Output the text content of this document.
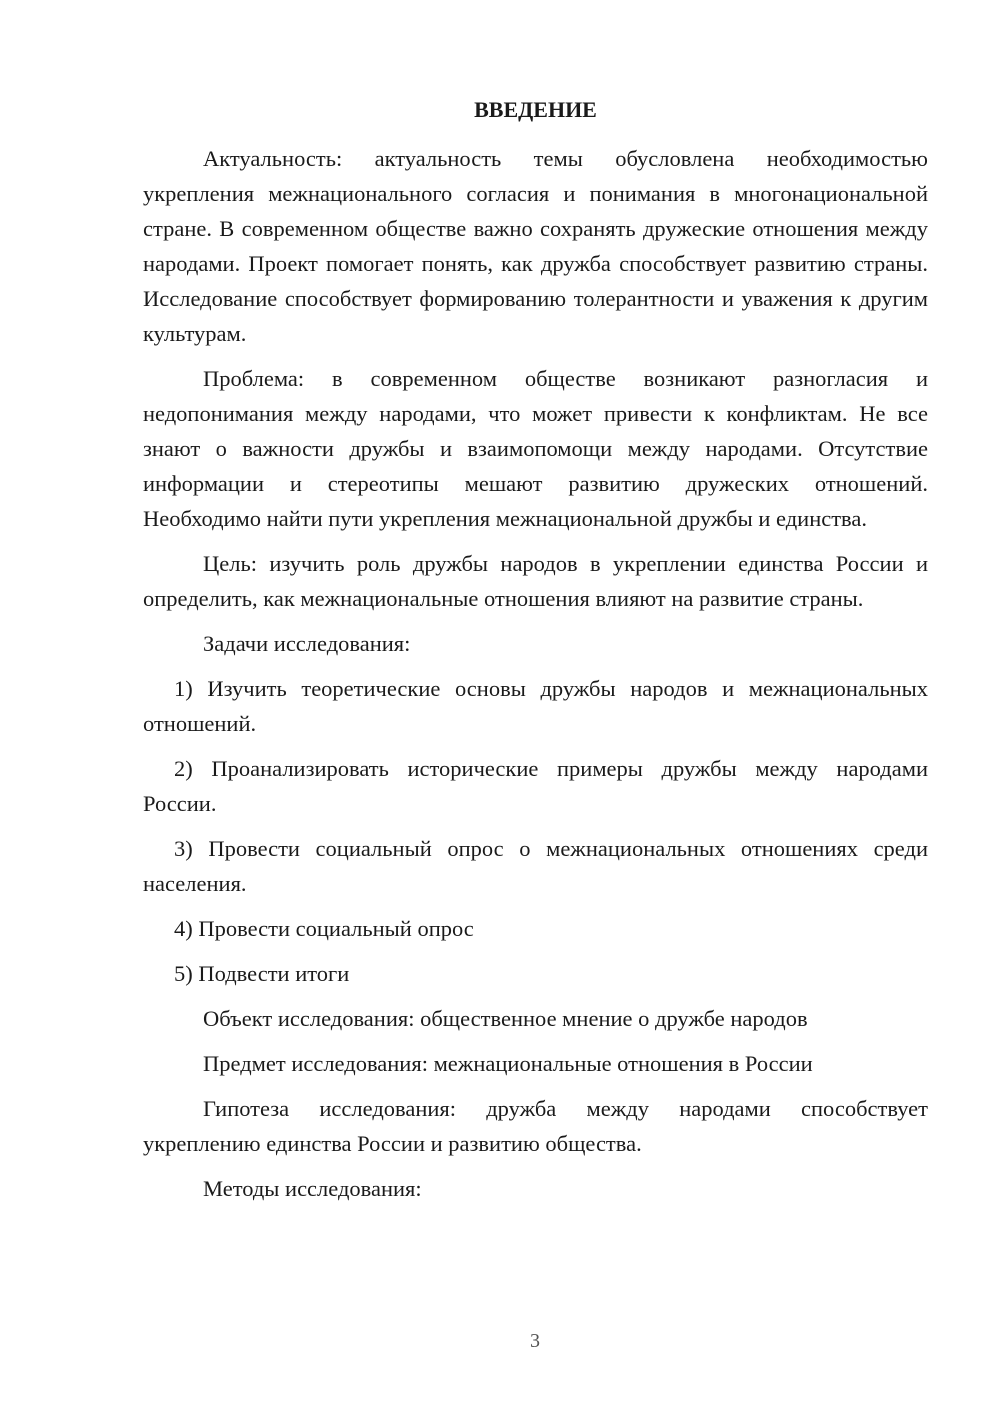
ВВЕДЕНИЕ

Актуальность: актуальность темы обусловлена необходимостью укрепления межнационального согласия и понимания в многонациональной стране. В современном обществе важно сохранять дружеские отношения между народами. Проект помогает понять, как дружба способствует развитию страны. Исследование способствует формированию толерантности и уважения к другим культурам.

Проблема: в современном обществе возникают разногласия и недопонимания между народами, что может привести к конфликтам. Не все знают о важности дружбы и взаимопомощи между народами. Отсутствие информации и стереотипы мешают развитию дружеских отношений. Необходимо найти пути укрепления межнациональной дружбы и единства.

Цель: изучить роль дружбы народов в укреплении единства России и определить, как межнациональные отношения влияют на развитие страны.

Задачи исследования:

1) Изучить теоретические основы дружбы народов и межнациональных отношений.

2) Проанализировать исторические примеры дружбы между народами России.

3) Провести социальный опрос о межнациональных отношениях среди населения.

4) Провести социальный опрос

5) Подвести итоги

Объект исследования: общественное мнение о дружбе народов

Предмет исследования: межнациональные отношения в России

Гипотеза исследования: дружба между народами способствует укреплению единства России и развитию общества.

Методы исследования:

3
